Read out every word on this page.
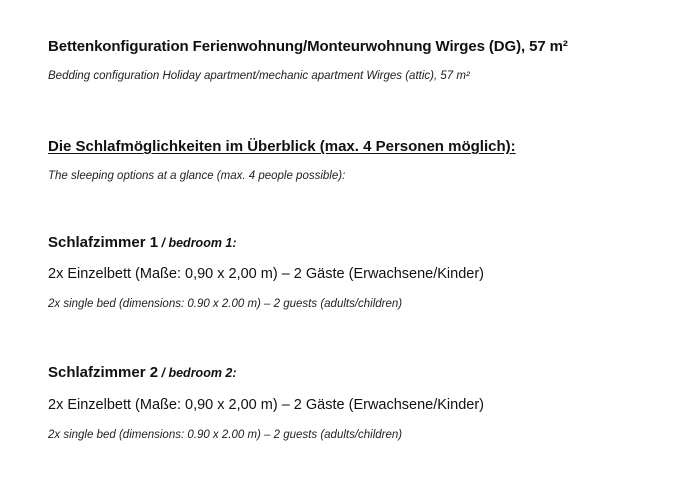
Bettenkonfiguration Ferienwohnung/Monteurwohnung Wirges (DG), 57 m²
Bedding configuration Holiday apartment/mechanic apartment Wirges (attic), 57 m²
Die Schlafmöglichkeiten im Überblick (max. 4 Personen möglich):
The sleeping options at a glance (max. 4 people possible):
Schlafzimmer 1 / bedroom 1:
2x Einzelbett (Maße: 0,90 x 2,00 m) – 2 Gäste (Erwachsene/Kinder)
2x single bed (dimensions: 0.90 x 2.00 m) – 2 guests (adults/children)
Schlafzimmer 2 / bedroom 2:
2x Einzelbett (Maße: 0,90 x 2,00 m) – 2 Gäste (Erwachsene/Kinder)
2x single bed (dimensions: 0.90 x 2.00 m) – 2 guests (adults/children)
